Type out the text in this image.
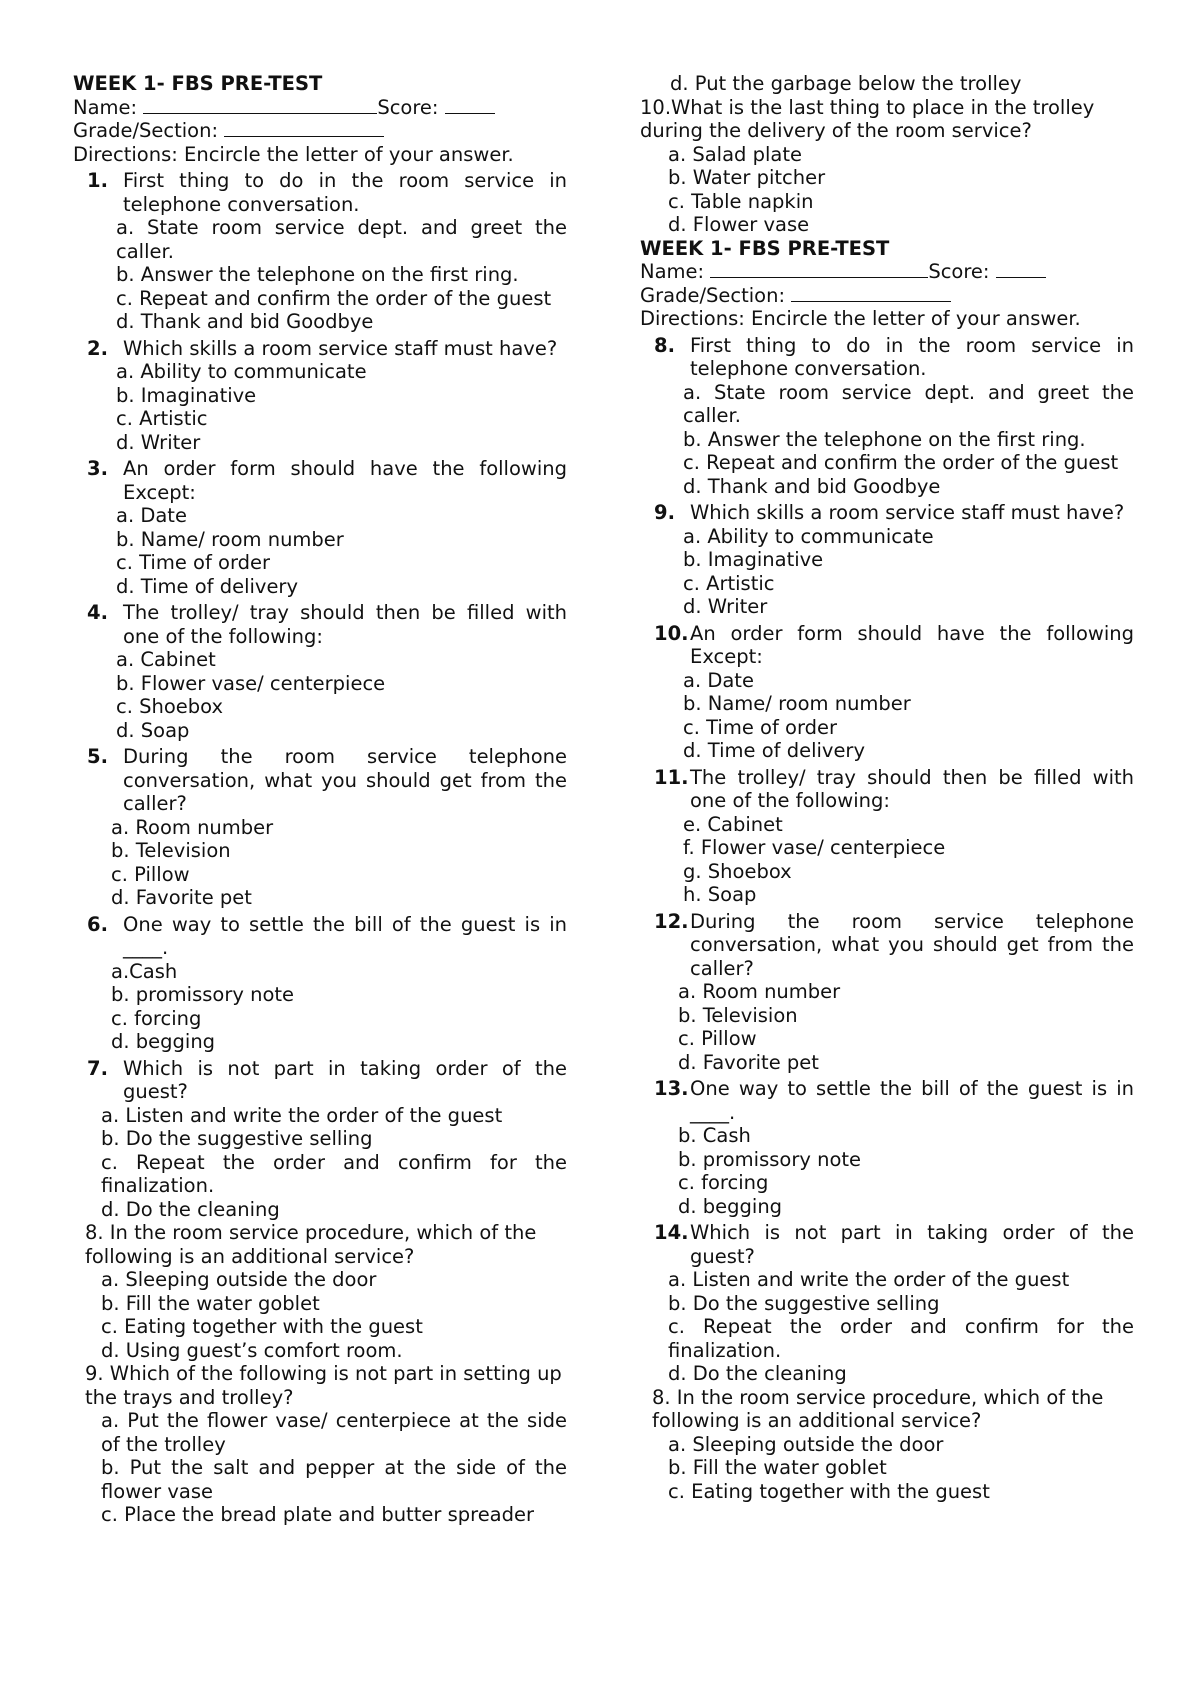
WEEK 1- FBS PRE-TEST

Name:	Score:

Grade/Section:

Directions: Encircle the letter of your answer.

1. First thing to do in the room service in telephone conversation.

a. State room service dept. and greet the caller.

b. Answer the telephone on the first ring.

c. Repeat and confirm the order of the guest

d. Thank and bid Goodbye

2. Which skills a room service staff must have?

a. Ability to communicate

b. Imaginative

c. Artistic

d. Writer

3. An order form should have the following Except:

a. Date

b. Name/ room number

c. Time of order

d. Time of delivery

4. The trolley/ tray should then be filled with one of the following:

a. Cabinet

b. Flower vase/ centerpiece

c. Shoebox

d. Soap

5. During the room service telephone conversation, what you should get from the caller?

a. Room number

b. Television

c. Pillow

d. Favorite pet

6. One way to settle the bill of the guest is in ____.

a.Cash

b. promissory note

c. forcing

d. begging

7. Which is not part in taking order of the guest?

a. Listen and write the order of the guest

b. Do the suggestive selling

c. Repeat the order and confirm for the finalization.

d. Do the cleaning

8. In the room service procedure, which of the following is an additional service?

a. Sleeping outside the door

b. Fill the water goblet

c. Eating together with the guest

d. Using guest’s comfort room.

9. Which of the following is not part in setting up the trays and trolley?

a. Put the flower vase/ centerpiece at the side of the trolley

b. Put the salt and pepper at the side of the flower vase

c. Place the bread plate and butter spreader

d. Put the garbage below the trolley

10.What is the last thing to place in the trolley during the delivery of the room service?

a. Salad plate

b. Water pitcher

c. Table napkin

d. Flower vase

WEEK 1- FBS PRE-TEST

Name:	Score:

Grade/Section:

Directions: Encircle the letter of your answer.

8. First thing to do in the room service in telephone conversation.

a. State room service dept. and greet the caller.

b. Answer the telephone on the first ring.

c. Repeat and confirm the order of the guest

d. Thank and bid Goodbye

9. Which skills a room service staff must have?

a. Ability to communicate

b. Imaginative

c. Artistic

d. Writer

10. An order form should have the following Except:

a. Date

b. Name/ room number

c. Time of order

d. Time of delivery

11. The trolley/ tray should then be filled with one of the following:

e. Cabinet

f. Flower vase/ centerpiece

g. Shoebox

h. Soap

12. During the room service telephone conversation, what you should get from the caller?

a. Room number

b. Television

c. Pillow

d. Favorite pet

13. One way to settle the bill of the guest is in ____.

b. Cash

b. promissory note

c. forcing

d. begging

14. Which is not part in taking order of the guest?

a. Listen and write the order of the guest

b. Do the suggestive selling

c. Repeat the order and confirm for the finalization.

d. Do the cleaning

8. In the room service procedure, which of the following is an additional service?

a. Sleeping outside the door

b. Fill the water goblet

c. Eating together with the guest
